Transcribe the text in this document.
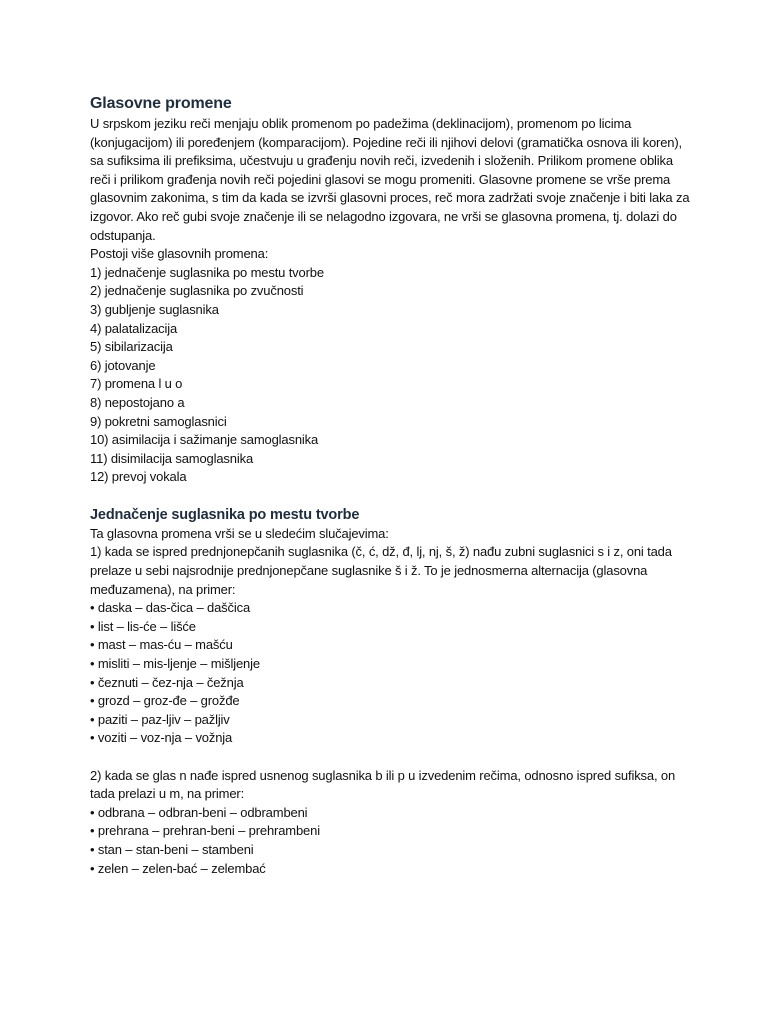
Glasovne promene

U srpskom jeziku reči menjaju oblik promenom po padežima (deklinacijom), promenom po licima (konjugacijom) ili poređenjem (komparacijom). Pojedine reči ili njihovi delovi (gramatička osnova ili koren), sa sufiksima ili prefiksima, učestvuju u građenju novih reči, izvedenih i složenih. Prilikom promene oblika reči i prilikom građenja novih reči pojedini glasovi se mogu promeniti. Glasovne promene se vrše prema glasovnim zakonima, s tim da kada se izvrši glasovni proces, reč mora zadržati svoje značenje i biti laka za izgovor. Ako reč gubi svoje značenje ili se nelagodno izgovara, ne vrši se glasovna promena, tj. dolazi do odstupanja.

Postoji više glasovnih promena:

1) jednačenje suglasnika po mestu tvorbe
2) jednačenje suglasnika po zvučnosti
3) gubljenje suglasnika
4) palatalizacija
5) sibilarizacija
6) jotovanje
7) promena l u o
8) nepostojano a
9) pokretni samoglasnici
10) asimilacija i sažimanje samoglasnika
11) disimilacija samoglasnika
12) prevoj vokala
Jednačenje suglasnika po mestu tvorbe

Ta glasovna promena vrši se u sledećim slučajevima:

1) kada se ispred prednjonepčanih suglasnika (č, ć, dž, đ, lj, nj, š, ž) nađu zubni suglasnici s i z, oni tada prelaze u sebi najsrodnije prednjonepčane suglasnike š i ž. To je jednosmerna alternacija (glasovna međuzamena), na primer:

• daska – das-čica – daščica
• list – lis-će – lišće
• mast – mas-ću – mašću
• misliti – mis-ljenje – mišljenje
• čeznuti – čez-nja – čežnja
• grozd – groz-đe – grožđe
• paziti – paz-ljiv – pažljiv
• voziti – voz-nja – vožnja

2) kada se glas n nađe ispred usnenog suglasnika b ili p u izvedenim rečima, odnosno ispred sufiksa, on tada prelazi u m, na primer:

• odbrana – odbran-beni – odbrambeni
• prehrana – prehran-beni – prehrambeni
• stan – stan-beni – stambeni
• zelen – zelen-bać – zelembać
